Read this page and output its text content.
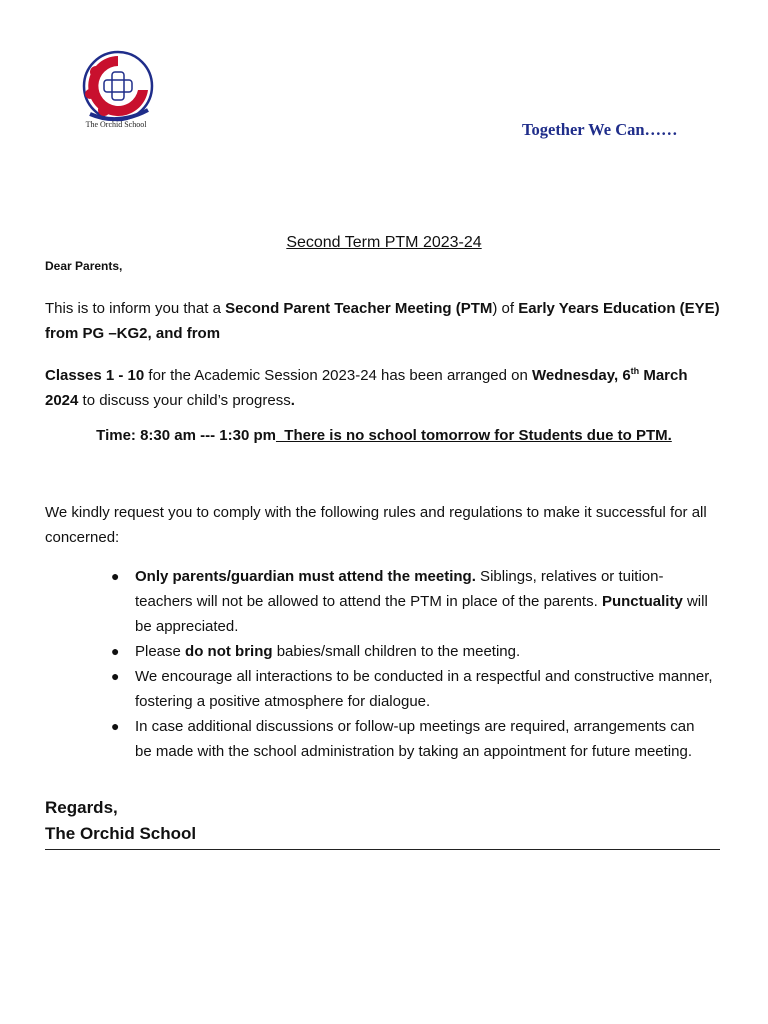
The Orchid School	Together We Can……
Second Term PTM 2023-24
Dear Parents,
This is to inform you that a Second Parent Teacher Meeting (PTM) of Early Years Education (EYE) from PG –KG2, and from
Classes 1 - 10 for the Academic Session 2023-24 has been arranged on Wednesday, 6th March 2024 to discuss your child’s progress.
Time: 8:30 am --- 1:30 pm  There is no school tomorrow for Students due to PTM.
We kindly request you to comply with the following rules and regulations to make it successful for all concerned:
● Only parents/guardian must attend the meeting. Siblings, relatives or tuition-teachers will not be allowed to attend the PTM in place of the parents. Punctuality will be appreciated.
● Please do not bring babies/small children to the meeting.
● We encourage all interactions to be conducted in a respectful and constructive manner, fostering a positive atmosphere for dialogue.
● In case additional discussions or follow-up meetings are required, arrangements can be made with the school administration by taking an appointment for future meeting.
Regards,
The Orchid School
